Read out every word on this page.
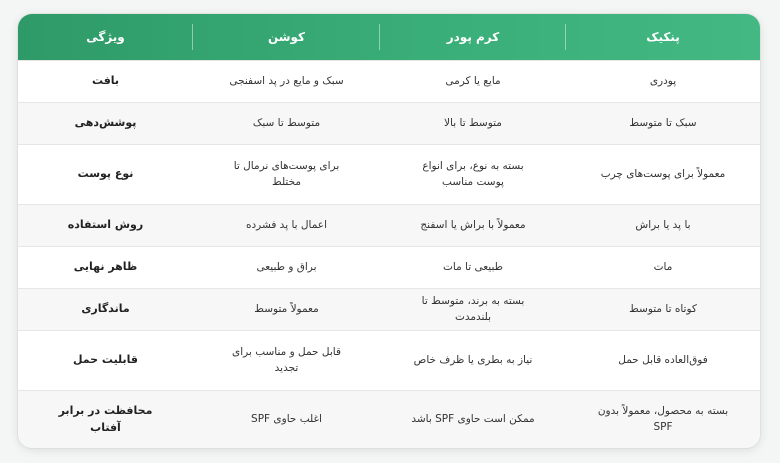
پنکیک	کرم پودر	کوشن	ویژگی
پودری	مایع یا کرمی	سبک و مایع در پد اسفنجی	بافت
سبک تا متوسط	متوسط تا بالا	متوسط تا سبک	پوشش‌دهی
معمولاً برای پوست‌های چرب	بسته به نوع، برای انواع پوست مناسب	برای پوست‌های نرمال تا مختلط	نوع پوست
با پد یا براش	معمولاً با براش یا اسفنج	اعمال با پد فشرده	روش استفاده
مات	طبیعی تا مات	براق و طبیعی	ظاهر نهایی
کوتاه تا متوسط	بسته به برند، متوسط تا بلندمدت	معمولاً متوسط	ماندگاری
فوق‌العاده قابل حمل	نیاز به بطری یا ظرف خاص	قابل حمل و مناسب برای تجدید	قابلیت حمل
بسته به محصول، معمولاً بدون SPF	ممکن است حاوی SPF باشد	اغلب حاوی SPF	محافظت در برابر آفتاب
